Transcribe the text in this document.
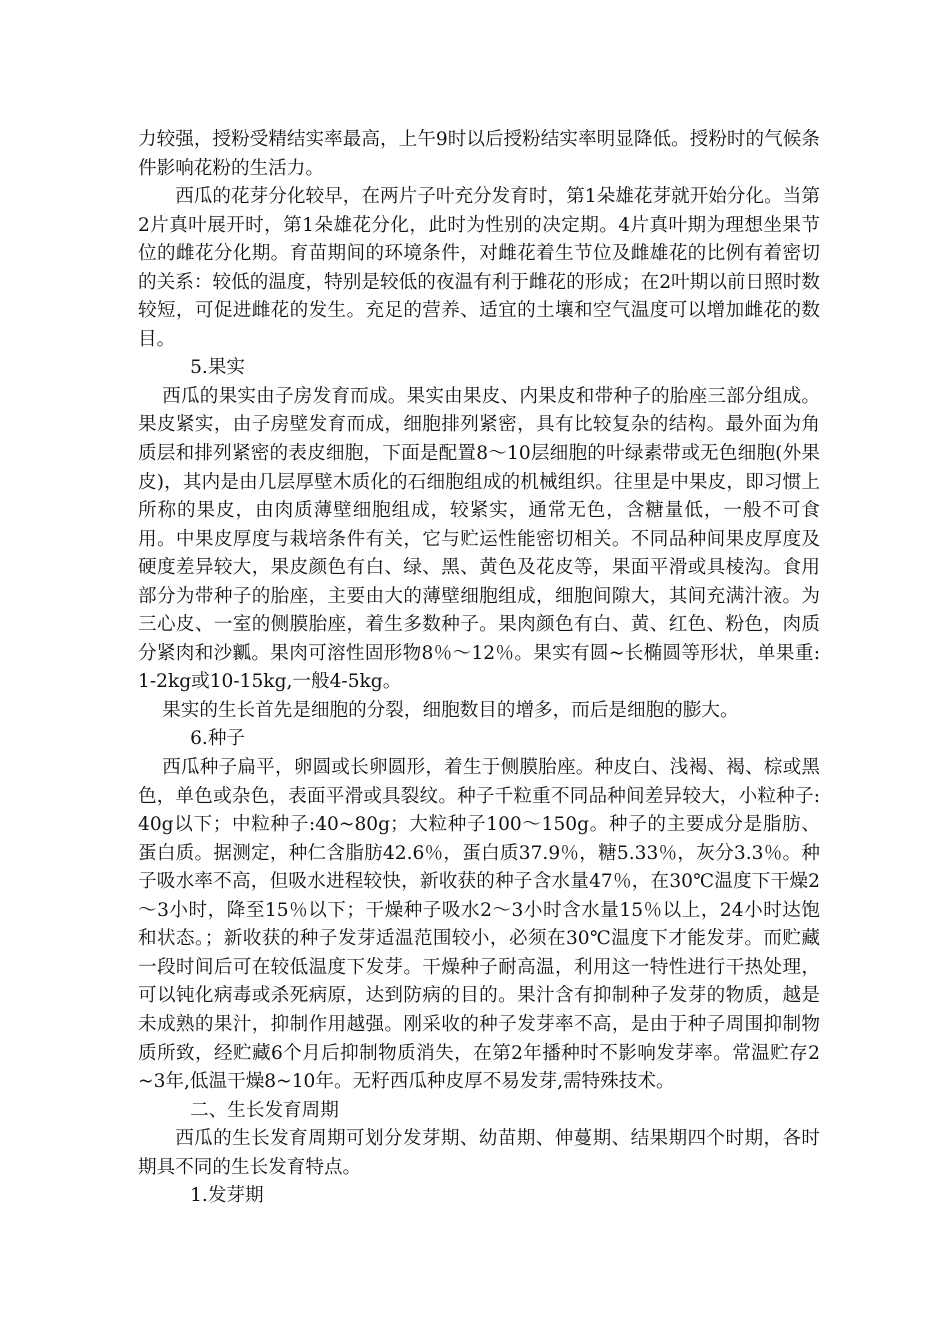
力较强，授粉受精结实率最高，上午9时以后授粉结实率明显降低。授粉时的气候条件影响花粉的生活力。

西瓜的花芽分化较早，在两片子叶充分发育时，第1朵雄花芽就开始分化。当第2片真叶展开时，第1朵雄花分化，此时为性别的决定期。4片真叶期为理想坐果节位的雌花分化期。育苗期间的环境条件，对雌花着生节位及雌雄花的比例有着密切的关系：较低的温度，特别是较低的夜温有利于雌花的形成；在2叶期以前日照时数较短，可促进雌花的发生。充足的营养、适宜的土壤和空气温度可以增加雌花的数目。

5.果实

西瓜的果实由子房发育而成。果实由果皮、内果皮和带种子的胎座三部分组成。果皮紧实，由子房壁发育而成，细胞排列紧密，具有比较复杂的结构。最外面为角质层和排列紧密的表皮细胞，下面是配置8～10层细胞的叶绿素带或无色细胞(外果皮)，其内是由几层厚壁木质化的石细胞组成的机械组织。往里是中果皮，即习惯上所称的果皮，由肉质薄壁细胞组成，较紧实，通常无色，含糖量低，一般不可食用。中果皮厚度与栽培条件有关，它与贮运性能密切相关。不同品种间果皮厚度及硬度差异较大，果皮颜色有白、绿、黑、黄色及花皮等，果面平滑或具棱沟。食用部分为带种子的胎座，主要由大的薄壁细胞组成，细胞间隙大，其间充满汁液。为三心皮、一室的侧膜胎座，着生多数种子。果肉颜色有白、黄、红色、粉色，肉质分紧肉和沙瓤。果肉可溶性固形物8％～12％。果实有圆~长椭圆等形状，单果重:1-2kg或10-15kg,一般4-5kg。

果实的生长首先是细胞的分裂，细胞数目的增多，而后是细胞的膨大。

6.种子

西瓜种子扁平，卵圆或长卵圆形，着生于侧膜胎座。种皮白、浅褐、褐、棕或黑色，单色或杂色，表面平滑或具裂纹。种子千粒重不同品种间差异较大，小粒种子:40g以下；中粒种子:40~80g；大粒种子100～150g。种子的主要成分是脂肪、蛋白质。据测定，种仁含脂肪42.6％，蛋白质37.9％，糖5.33％，灰分3.3％。种子吸水率不高，但吸水进程较快，新收获的种子含水量47％，在30℃温度下干燥2～3小时，降至15％以下；干燥种子吸水2～3小时含水量15％以上，24小时达饱和状态。；新收获的种子发芽适温范围较小，必须在30℃温度下才能发芽。而贮藏一段时间后可在较低温度下发芽。干燥种子耐高温，利用这一特性进行干热处理，可以钝化病毒或杀死病原，达到防病的目的。果汁含有抑制种子发芽的物质，越是未成熟的果汁，抑制作用越强。刚采收的种子发芽率不高，是由于种子周围抑制物质所致，经贮藏6个月后抑制物质消失，在第2年播种时不影响发芽率。常温贮存2~3年,低温干燥8~10年。无籽西瓜种皮厚不易发芽,需特殊技术。

二、生长发育周期

西瓜的生长发育周期可划分发芽期、幼苗期、伸蔓期、结果期四个时期，各时期具不同的生长发育特点。

1.发芽期
